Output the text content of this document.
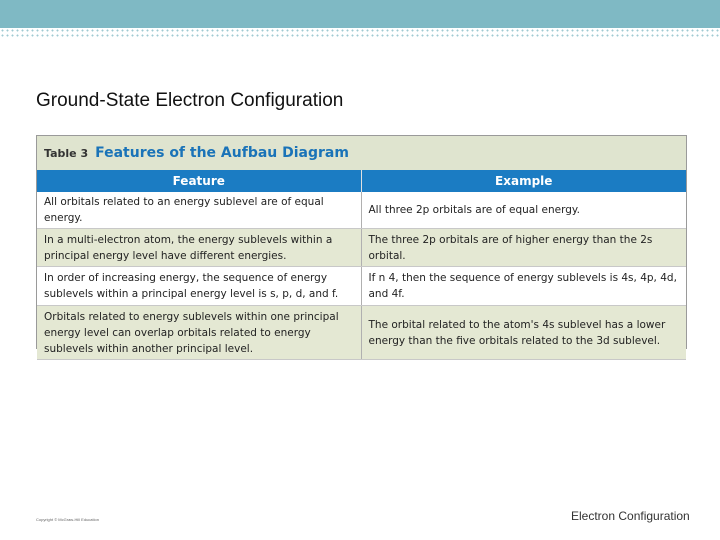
Ground-State Electron Configuration
Table 3 Features of the Aufbau Diagram
Feature	Example
All orbitals related to an energy sublevel are of equal energy.	All three 2p orbitals are of equal energy.
In a multi-electron atom, the energy sublevels within a principal energy level have different energies.	The three 2p orbitals are of higher energy than the 2s orbital.
In order of increasing energy, the sequence of energy sublevels within a principal energy level is s, p, d, and f.	If n 4, then the sequence of energy sublevels is 4s, 4p, 4d, and 4f.
Orbitals related to energy sublevels within one principal energy level can overlap orbitals related to energy sublevels within another principal level.	The orbital related to the atom's 4s sublevel has a lower energy than the five orbitals related to the 3d sublevel.
Copyright © McGraw-Hill Education	Electron Configuration
